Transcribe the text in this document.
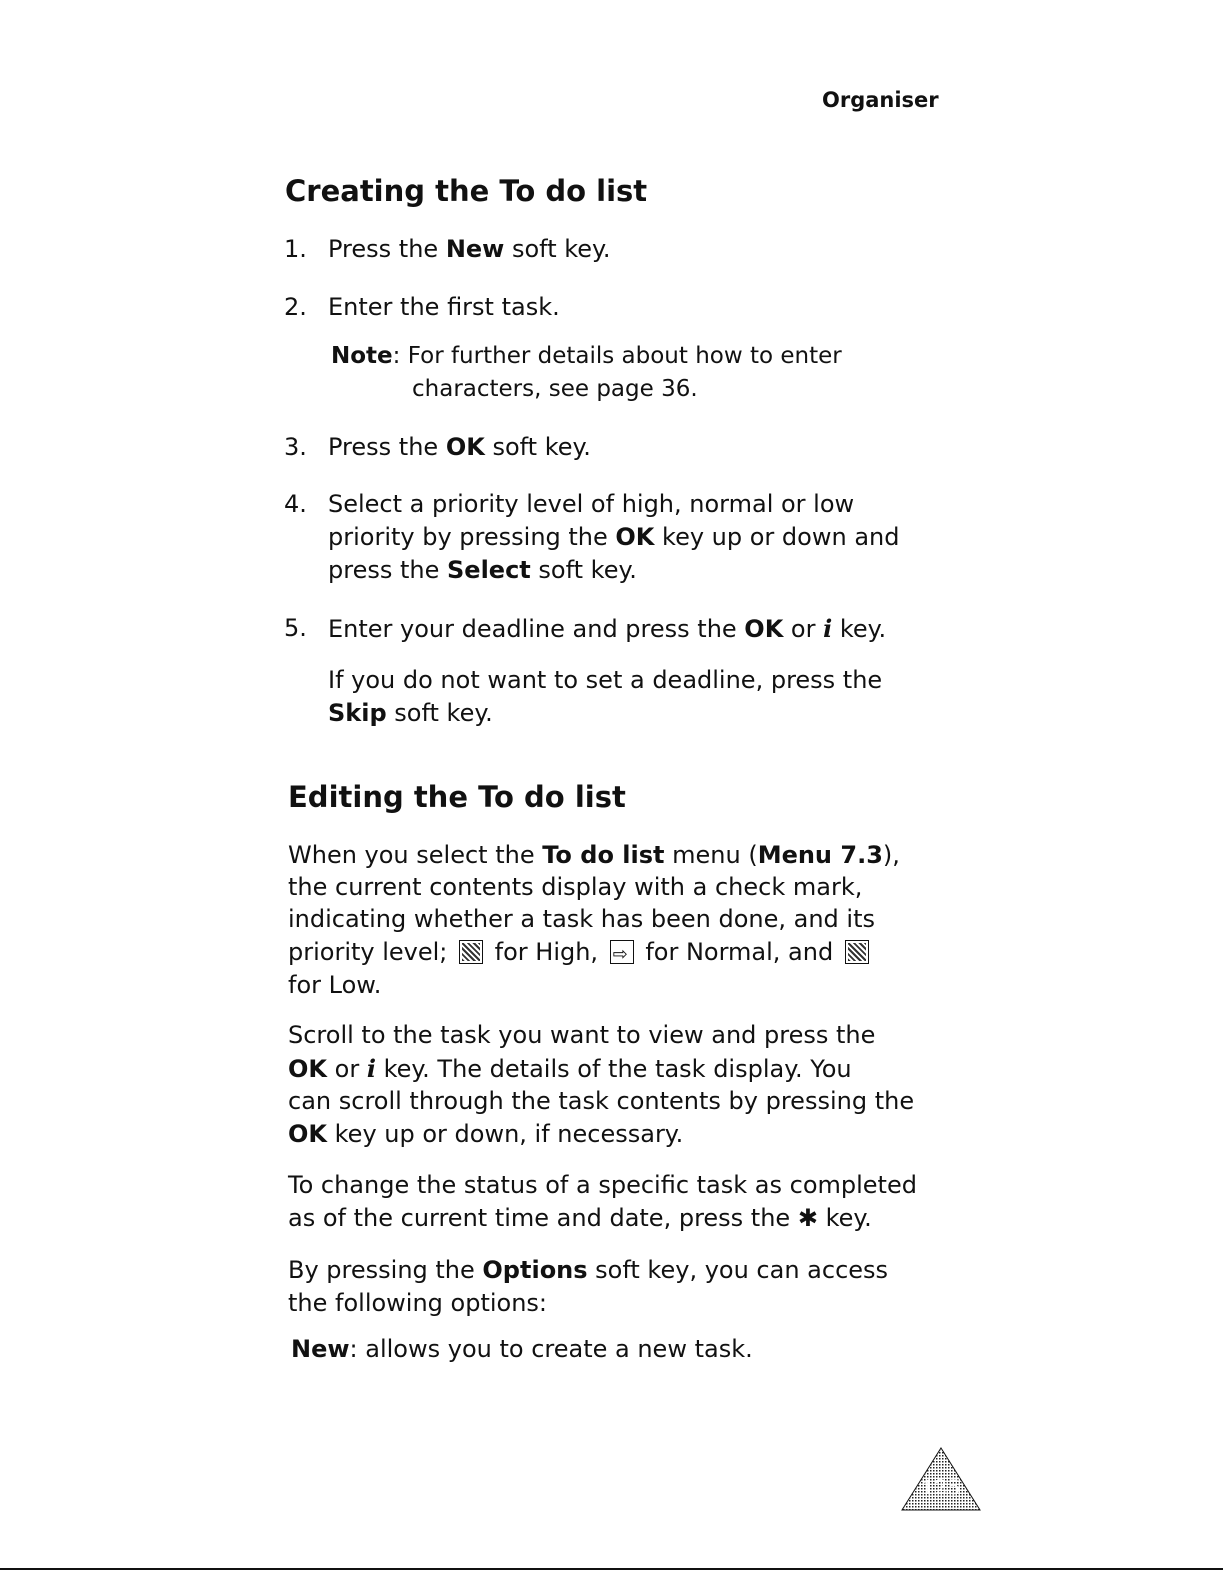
Organiser
Creating the To do list
1. Press the New soft key.
2. Enter the first task.
Note: For further details about how to enter
characters, see page 36.
3. Press the OK soft key.
4. Select a priority level of high, normal or low
priority by pressing the OK key up or down and
press the Select soft key.
5. Enter your deadline and press the OK or i key.
If you do not want to set a deadline, press the
Skip soft key.
Editing the To do list
When you select the To do list menu (Menu 7.3),
the current contents display with a check mark,
indicating whether a task has been done, and its
priority level;  for High, ⇨ for Normal, and
for Low.
Scroll to the task you want to view and press the
OK or i key. The details of the task display. You
can scroll through the task contents by pressing the
OK key up or down, if necessary.
To change the status of a specific task as completed
as of the current time and date, press the ✱ key.
By pressing the Options soft key, you can access
the following options:
New: allows you to create a new task.
125
